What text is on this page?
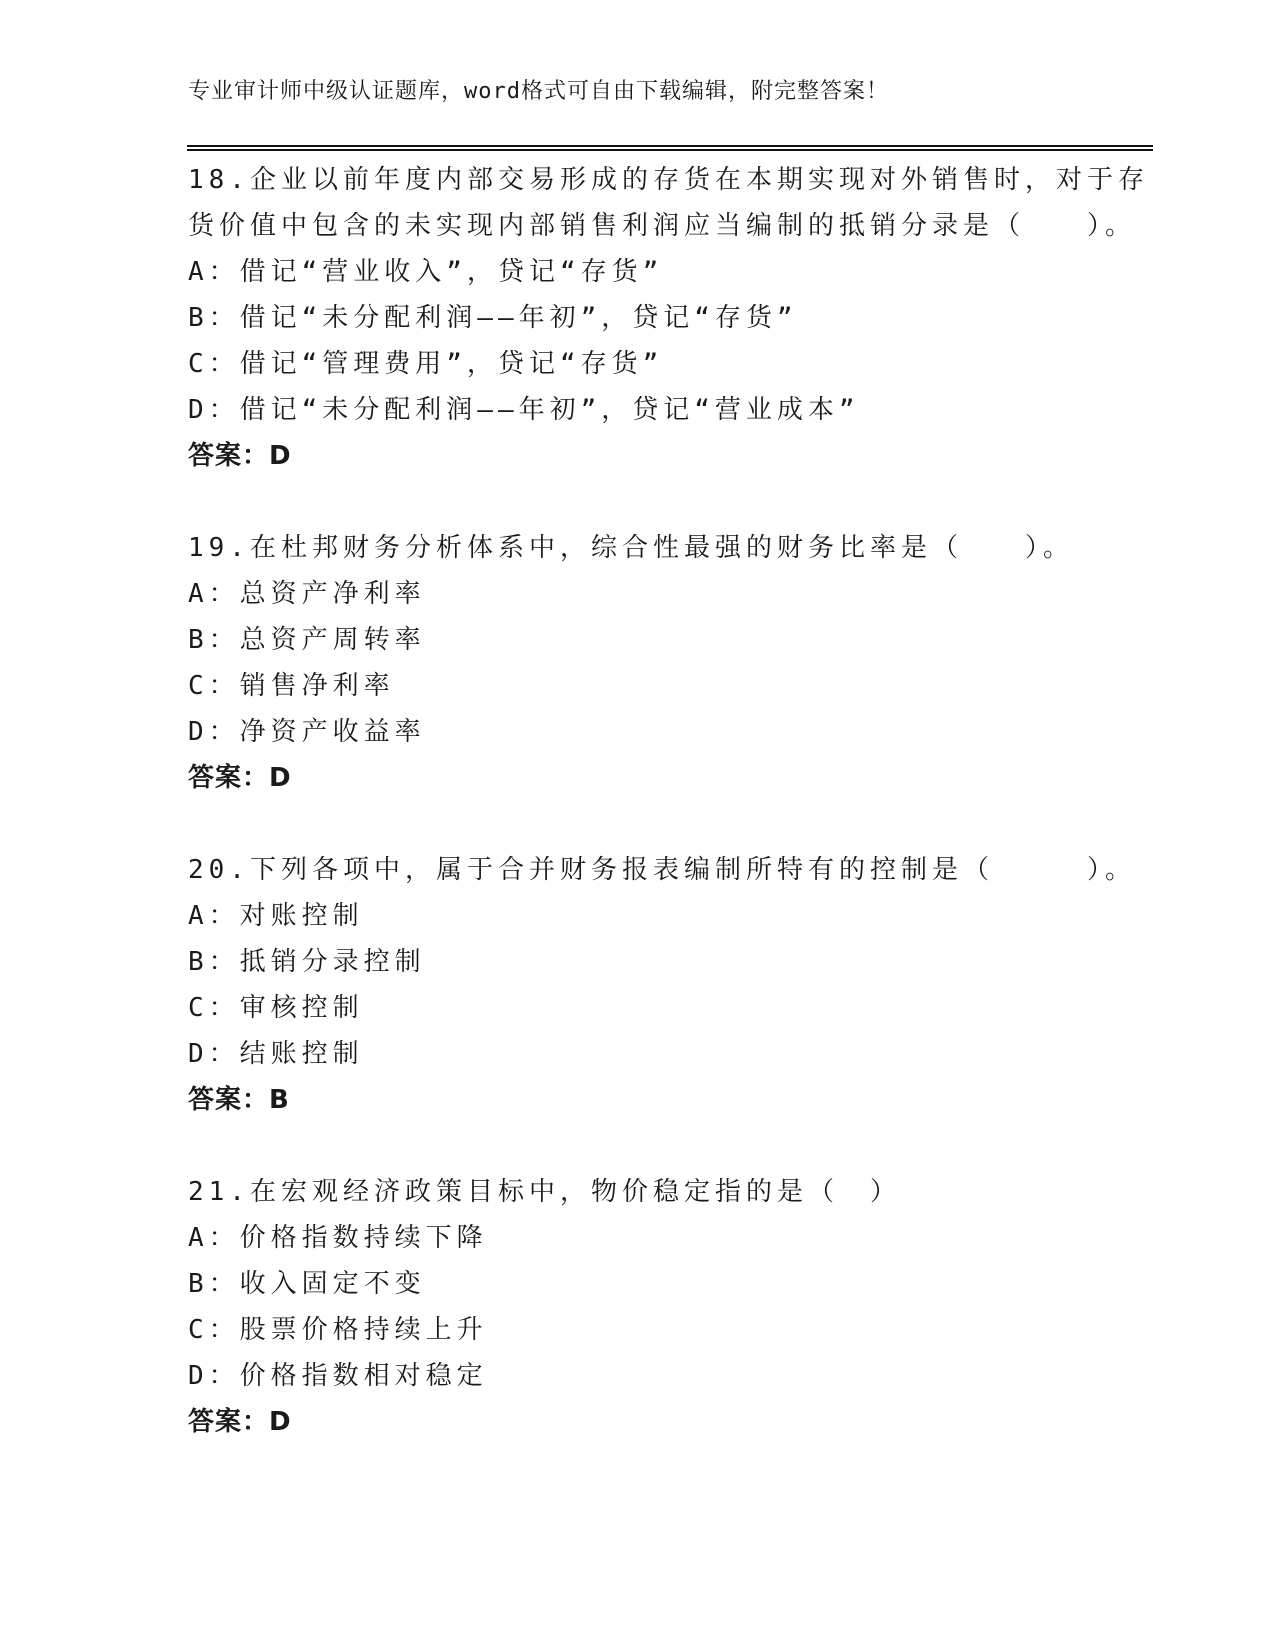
专业审计师中级认证题库，word格式可自由下载编辑，附完整答案！
18.企业以前年度内部交易形成的存货在本期实现对外销售时，对于存
货价值中包含的未实现内部销售利润应当编制的抵销分录是（　　）。
A：借记“营业收入”，贷记“存货”
B：借记“未分配利润——年初”，贷记“存货”
C：借记“管理费用”，贷记“存货”
D：借记“未分配利润——年初”，贷记“营业成本”
答案：D
19.在杜邦财务分析体系中，综合性最强的财务比率是（　　）。
A：总资产净利率
B：总资产周转率
C：销售净利率
D：净资产收益率
答案：D
20.下列各项中，属于合并财务报表编制所特有的控制是（　　　）。
A：对账控制
B：抵销分录控制
C：审核控制
D：结账控制
答案：B
21.在宏观经济政策目标中，物价稳定指的是（　）
A：价格指数持续下降
B：收入固定不变
C：股票价格持续上升
D：价格指数相对稳定
答案：D
